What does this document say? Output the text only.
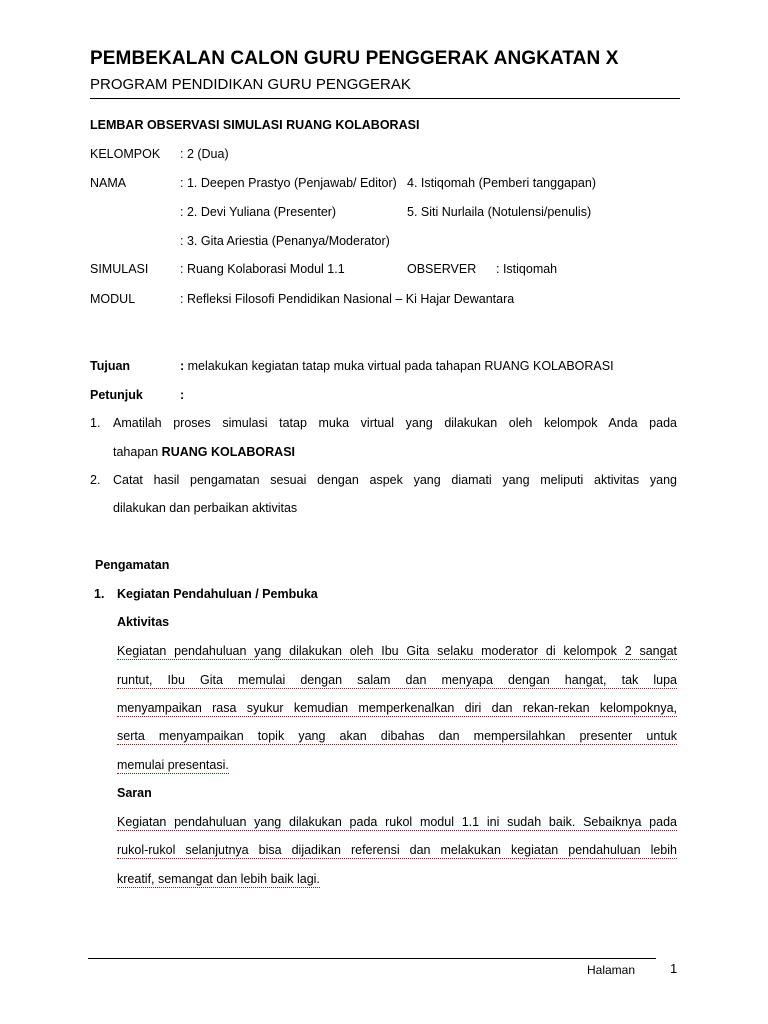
PEMBEKALAN CALON GURU PENGGERAK ANGKATAN X
PROGRAM PENDIDIKAN GURU PENGGERAK
LEMBAR OBSERVASI SIMULASI RUANG KOLABORASI
KELOMPOK : 2 (Dua)
NAMA	: 1. Deepen Prastyo (Penjawab/ Editor) 4. Istiqomah (Pemberi tanggapan)
: 2. Devi Yuliana (Presenter)	5. Siti Nurlaila (Notulensi/penulis)
: 3. Gita Ariestia (Penanya/Moderator)
SIMULASI	: Ruang Kolaborasi Modul 1.1	OBSERVER : Istiqomah
MODUL	: Refleksi Filosofi Pendidikan Nasional – Ki Hajar Dewantara
Tujuan	: melakukan kegiatan tatap muka virtual pada tahapan RUANG KOLABORASI
Petunjuk	:
1. Amatilah proses simulasi tatap muka virtual yang dilakukan oleh kelompok Anda pada
tahapan RUANG KOLABORASI
2. Catat hasil pengamatan sesuai dengan aspek yang diamati yang meliputi aktivitas yang
dilakukan dan perbaikan aktivitas
Pengamatan
1. Kegiatan Pendahuluan / Pembuka
Aktivitas
Kegiatan pendahuluan yang dilakukan oleh Ibu Gita selaku moderator di kelompok 2 sangat
runtut, Ibu Gita memulai dengan salam dan menyapa dengan hangat, tak lupa
menyampaikan rasa syukur kemudian memperkenalkan diri dan rekan-rekan kelompoknya,
serta menyampaikan topik yang akan dibahas dan mempersilahkan presenter untuk
memulai presentasi.
Saran
Kegiatan pendahuluan yang dilakukan pada rukol modul 1.1 ini sudah baik. Sebaiknya pada
rukol-rukol selanjutnya bisa dijadikan referensi dan melakukan kegiatan pendahuluan lebih
kreatif, semangat dan lebih baik lagi.
Halaman	1
